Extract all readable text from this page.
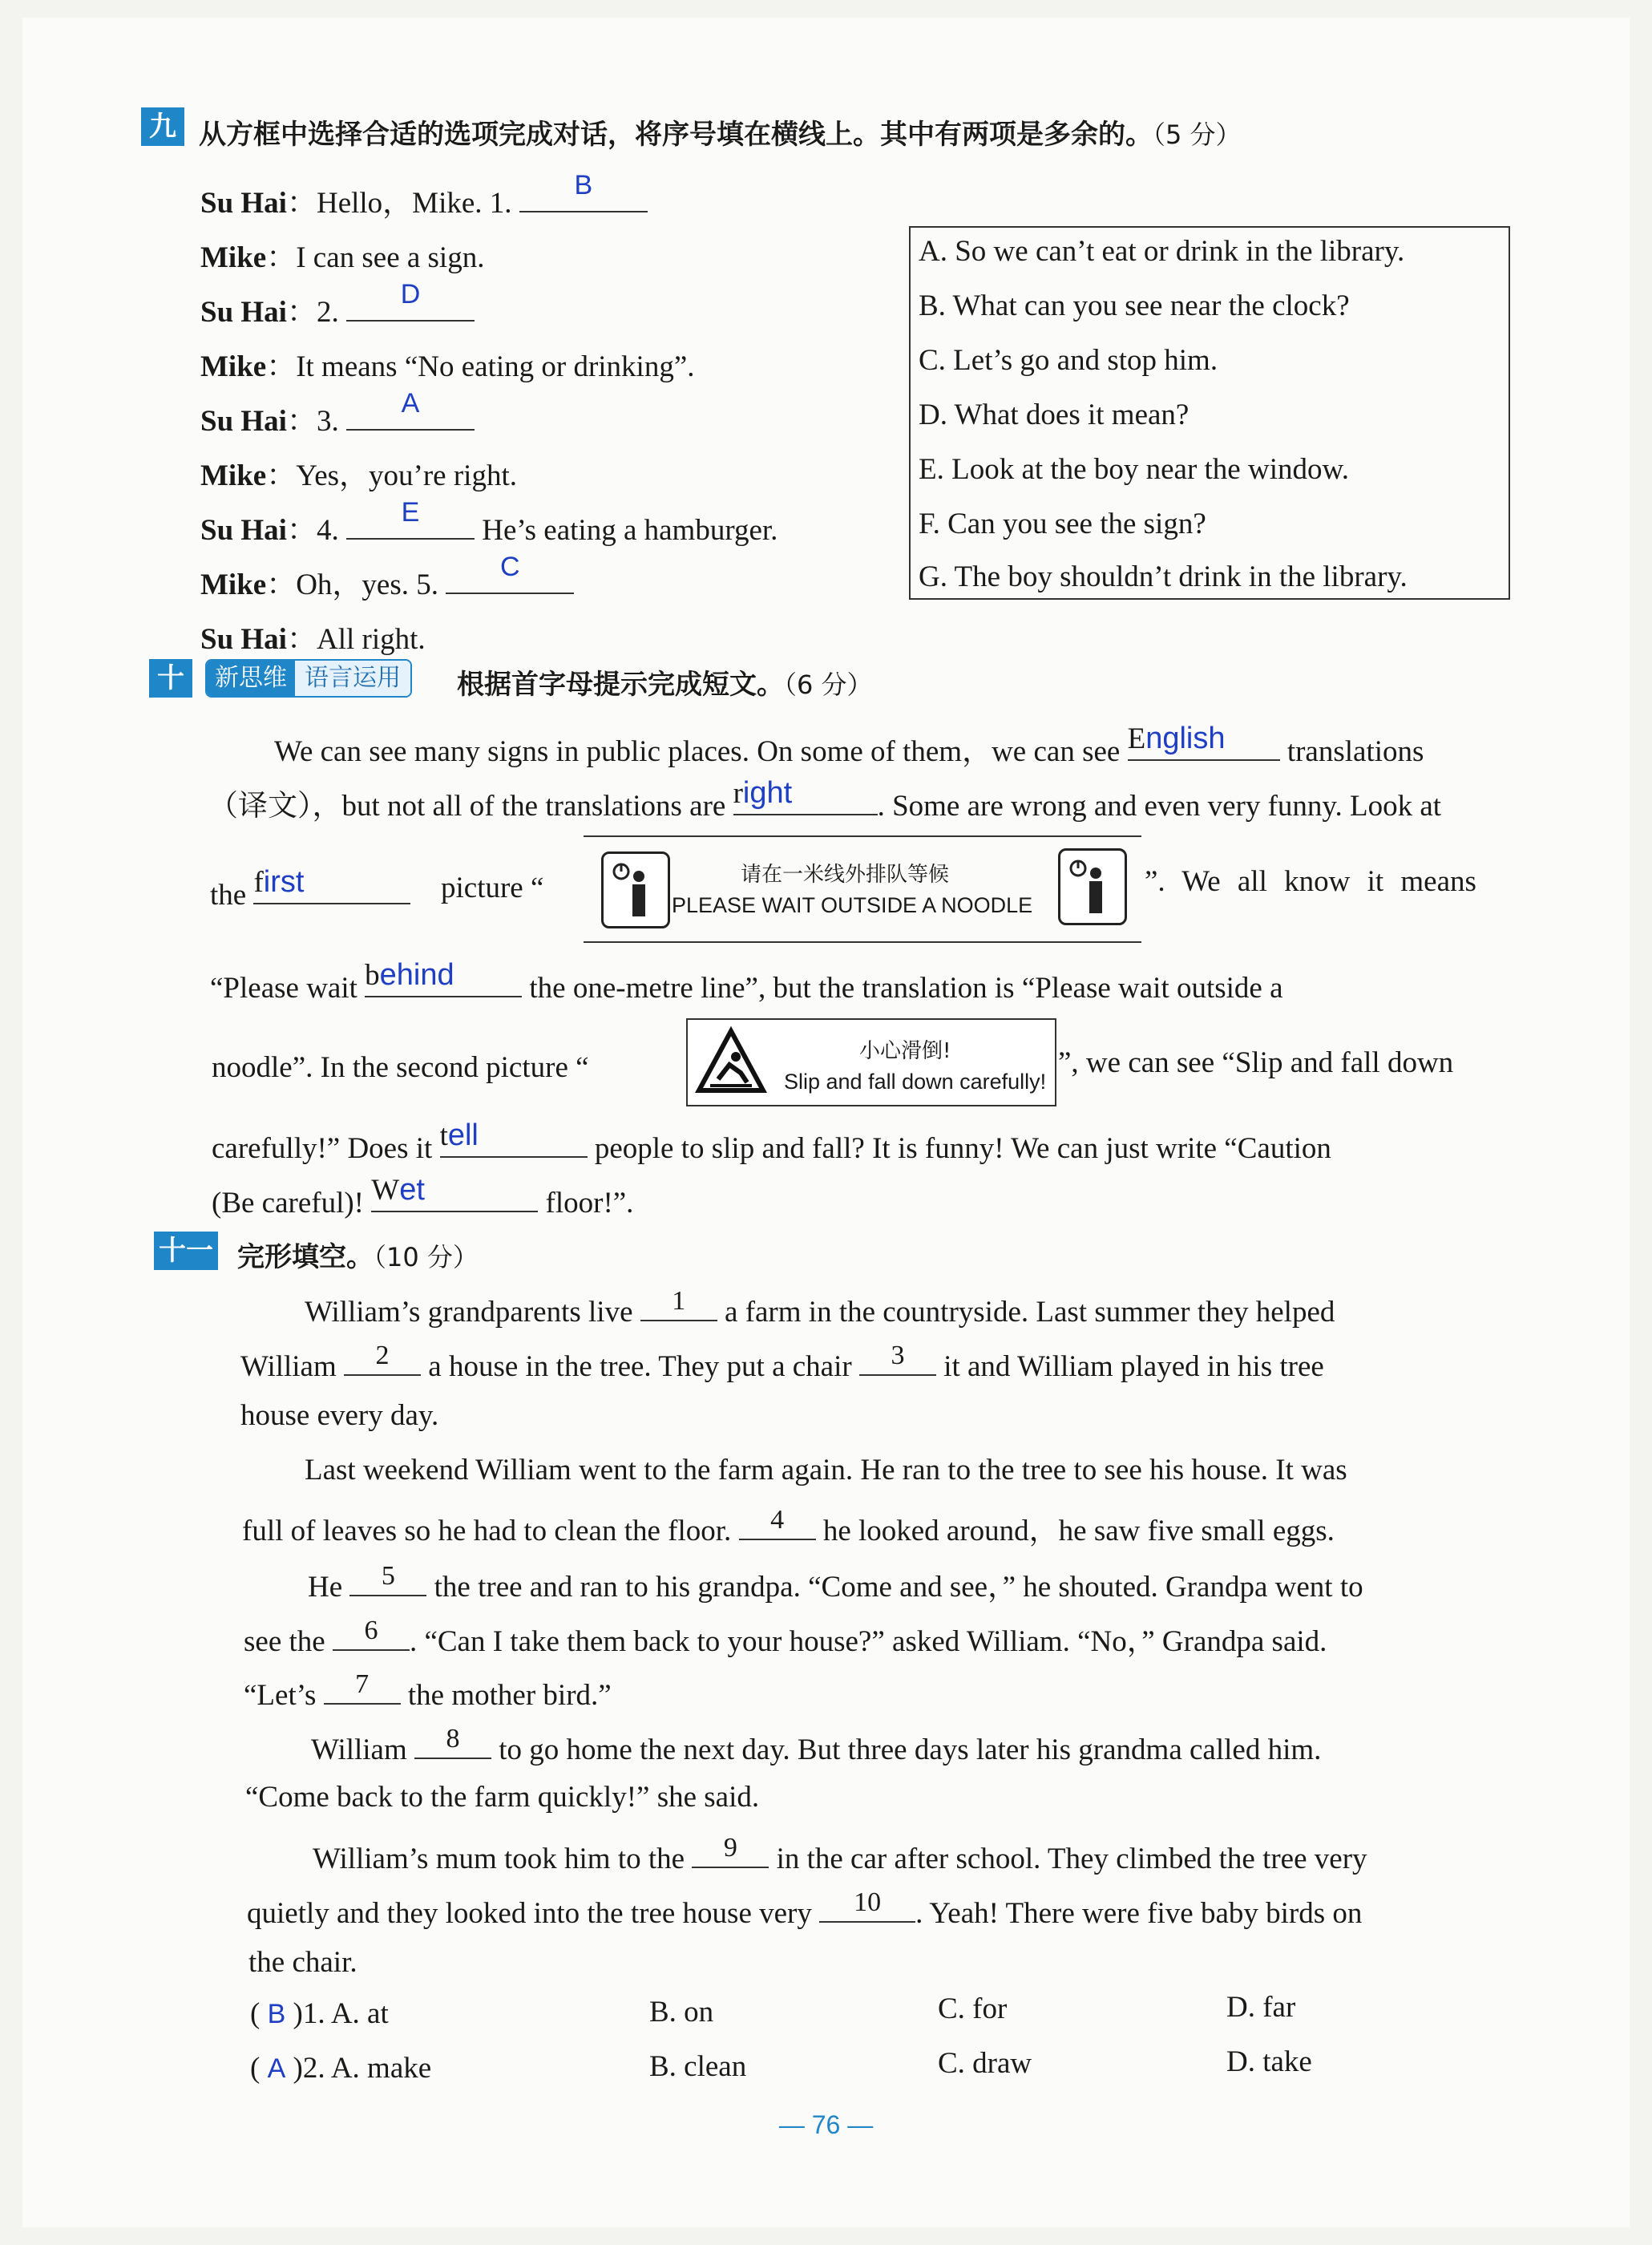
九 从方框中选择合适的选项完成对话，将序号填在横线上。其中有两项是多余的。（5 分）
Su Hai：Hello，Mike. 1.
B
Mike：I can see a sign.
Su Hai：2.
D
Mike：It means “No eating or drinking”.
Su Hai：3.
A
Mike：Yes，you’re right.
Su Hai：4.
E
He’s eating a hamburger.
Mike：Oh，yes. 5.
C
Su Hai：All right.
A. So we can’t eat or drink in the library.
B. What can you see near the clock?
C. Let’s go and stop him.
D. What does it mean?
E. Look at the boy near the window.
F. Can you see the sign?
G. The boy shouldn’t drink in the library.
十	新思维 语言运用	根据首字母提示完成短文。（6 分）
We can see many signs in public places. On some of them，we can see English translations
（译文），but not all of the translations are right	. Some are wrong and even very funny. Look at
the first	picture “	请在一米线外排队等候
PLEASE WAIT OUTSIDE A NOODLE
”. We all know it means
“Please wait behind	the one-metre line”, but the translation is “Please wait outside a
noodle”. In the second picture “	小心滑倒!
Slip and fall down carefully!
”, we can see “Slip and fall down
carefully!” Does it tell	people to slip and fall? It is funny! We can just write “Caution
(Be careful)! Wet	floor!”.
十一 完形填空。（10 分）
William’s grandparents live	1	a farm in the countryside. Last summer they helped
William	2	a house in the tree. They put a chair	3	it and William played in his tree
house every day.
Last weekend William went to the farm again. He ran to the tree to see his house. It was
full of leaves so he had to clean the floor.	4	he looked around，he saw five small eggs.
He	5	the tree and ran to his grandpa. “Come and see，” he shouted. Grandpa went to
see the	6	. “Can I take them back to your house?” asked William. “No，” Grandpa said.
“Let’s	7	the mother bird.”
William	8	to go home the next day. But three days later his grandma called him.
“Come back to the farm quickly!” she said.
William’s mum took him to the	9	in the car after school. They climbed the tree very
quietly and they looked into the tree house very	10	. Yeah! There were five baby birds on
the chair.
( B )1. A. at	B. on	C. for	D. far
( A )2. A. make	B. clean	C. draw	D. take
— 76 —
